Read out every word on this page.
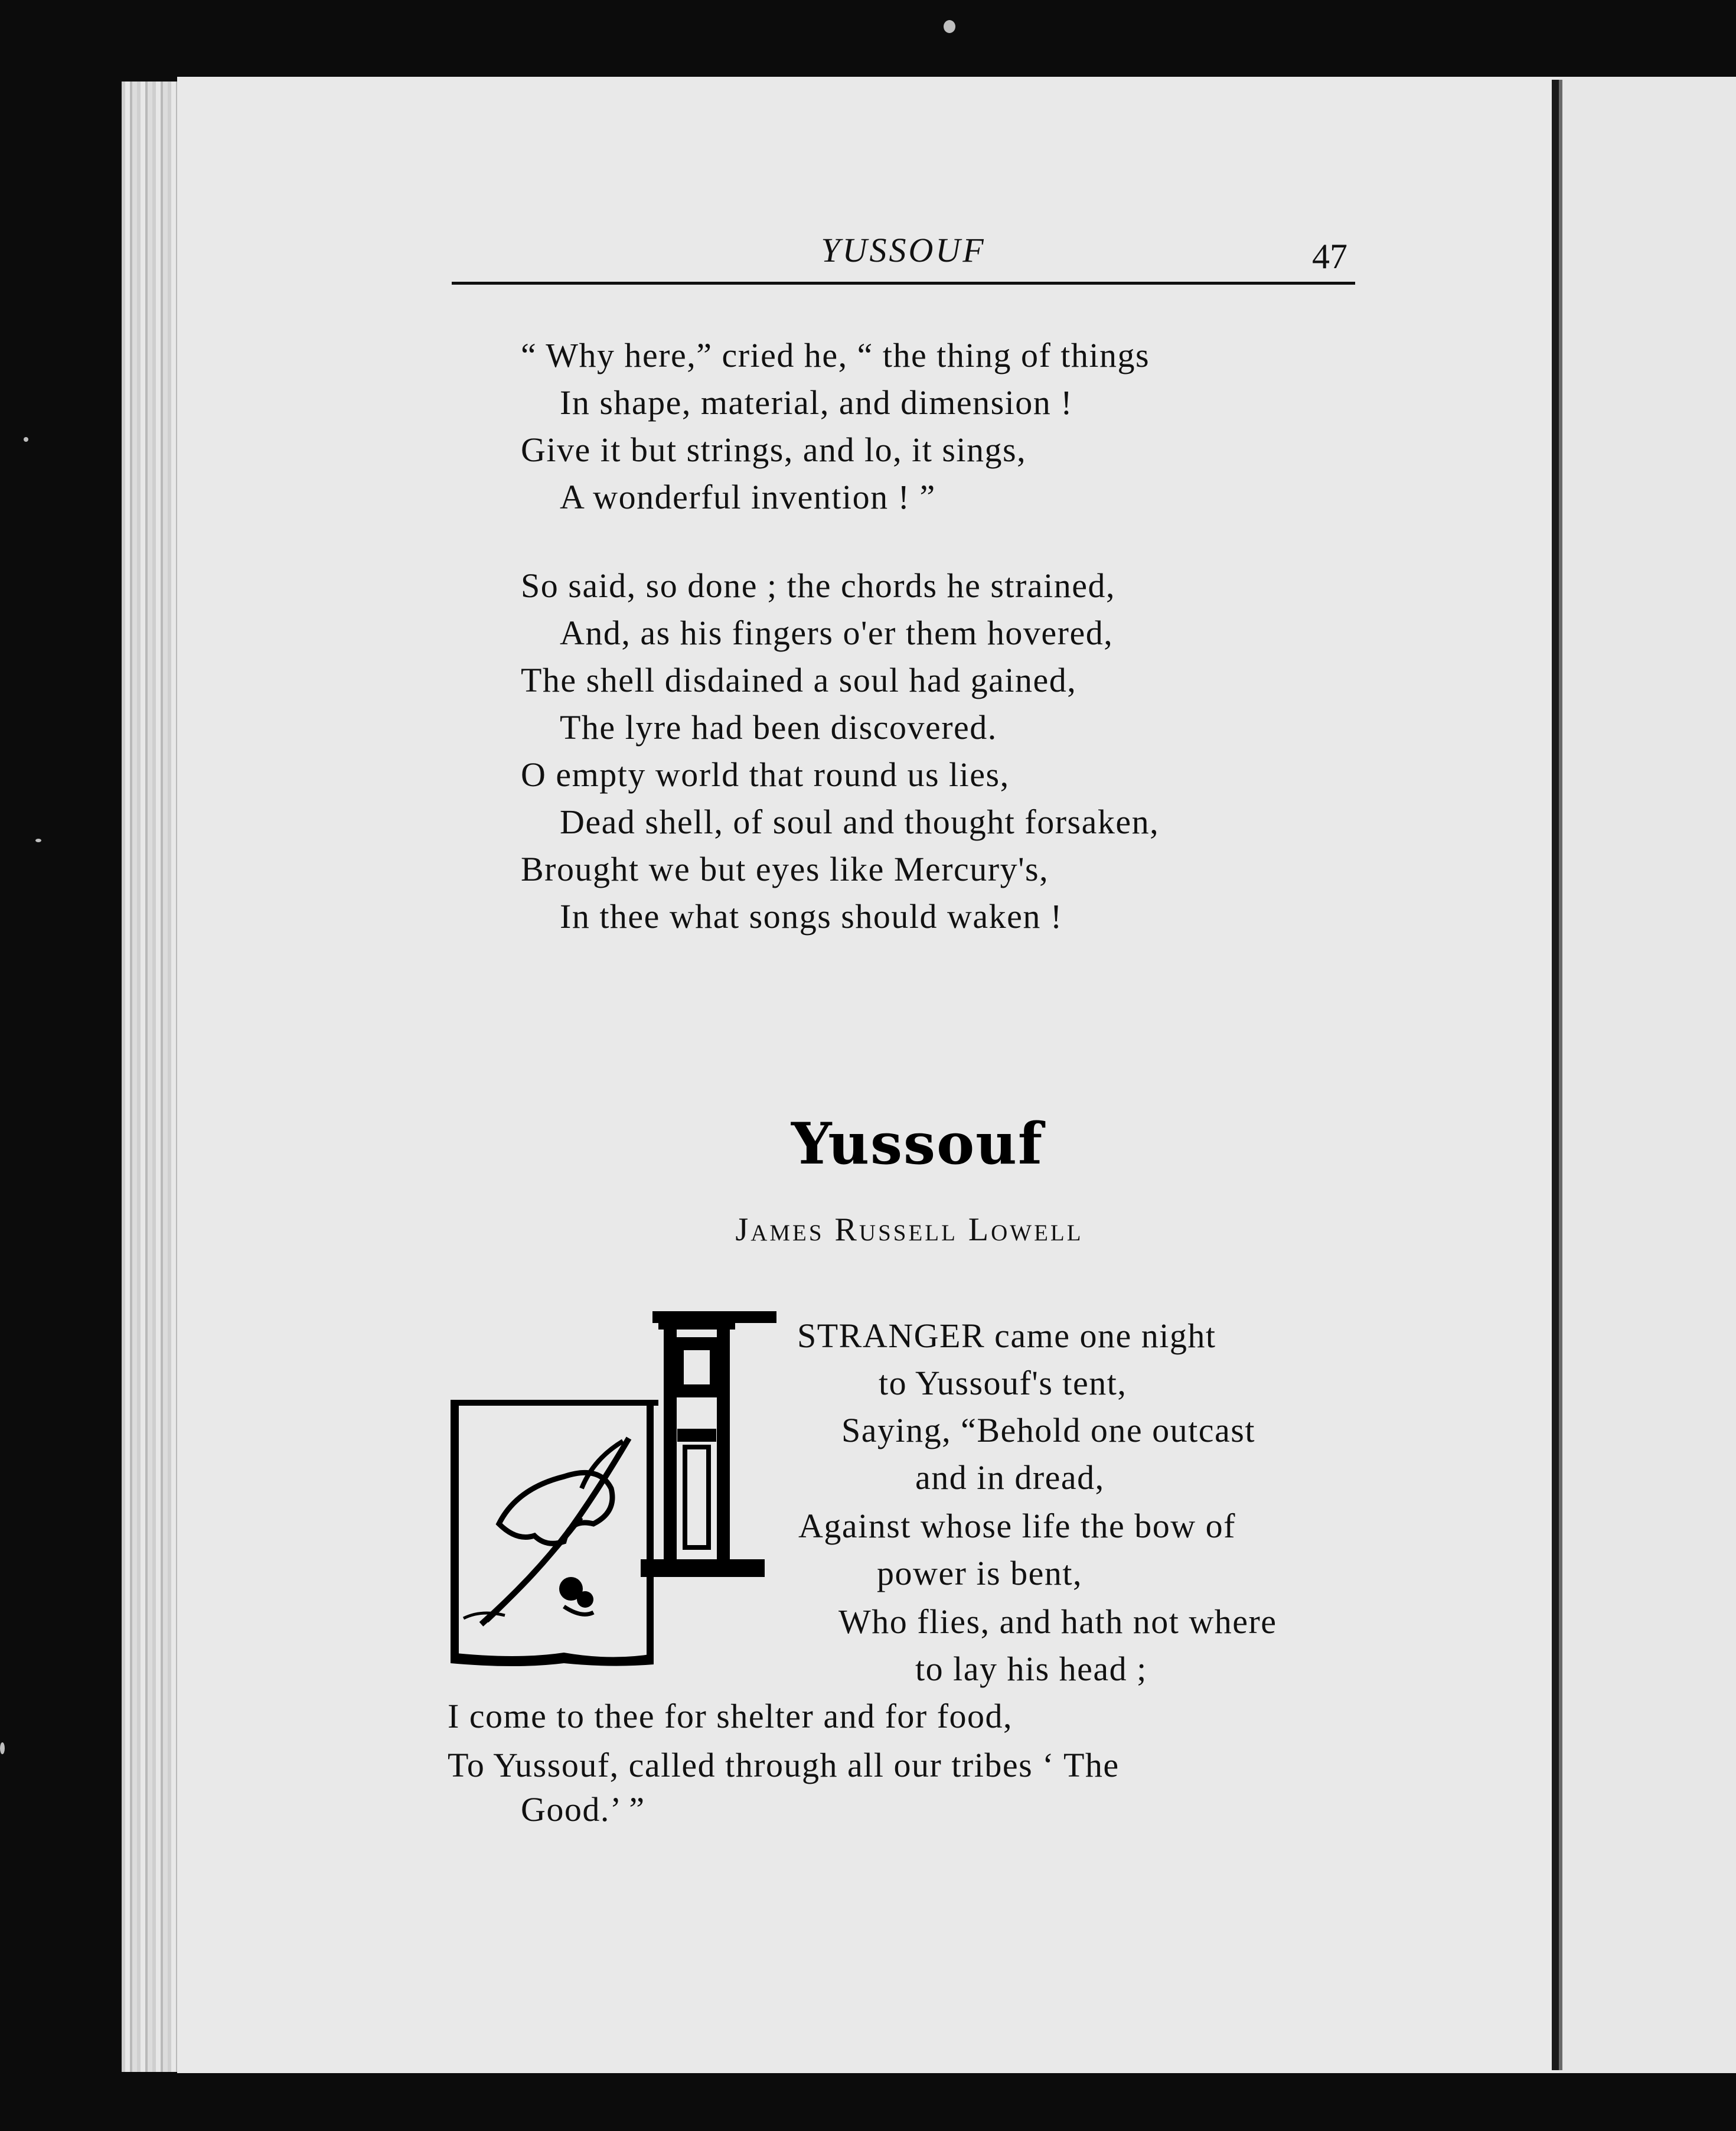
YUSSOUF	47
“ Why here,” cried he, “ the thing of things
In shape, material, and dimension !
Give it but strings, and lo, it sings,
A wonderful invention ! ”
So said, so done ; the chords he strained,
And, as his fingers o'er them hovered,
The shell disdained a soul had gained,
The lyre had been discovered.
O empty world that round us lies,
Dead shell, of soul and thought forsaken,
Brought we but eyes like Mercury's,
In thee what songs should waken !
Yussouf
James Russell Lowell
STRANGER came one night
to Yussouf's tent,
Saying, “Behold one outcast
and in dread,
Against whose life the bow of
power is bent,
Who flies, and hath not where
to lay his head ;
I come to thee for shelter and for food,
To Yussouf, called through all our tribes ‘ The
Good.’ ”
